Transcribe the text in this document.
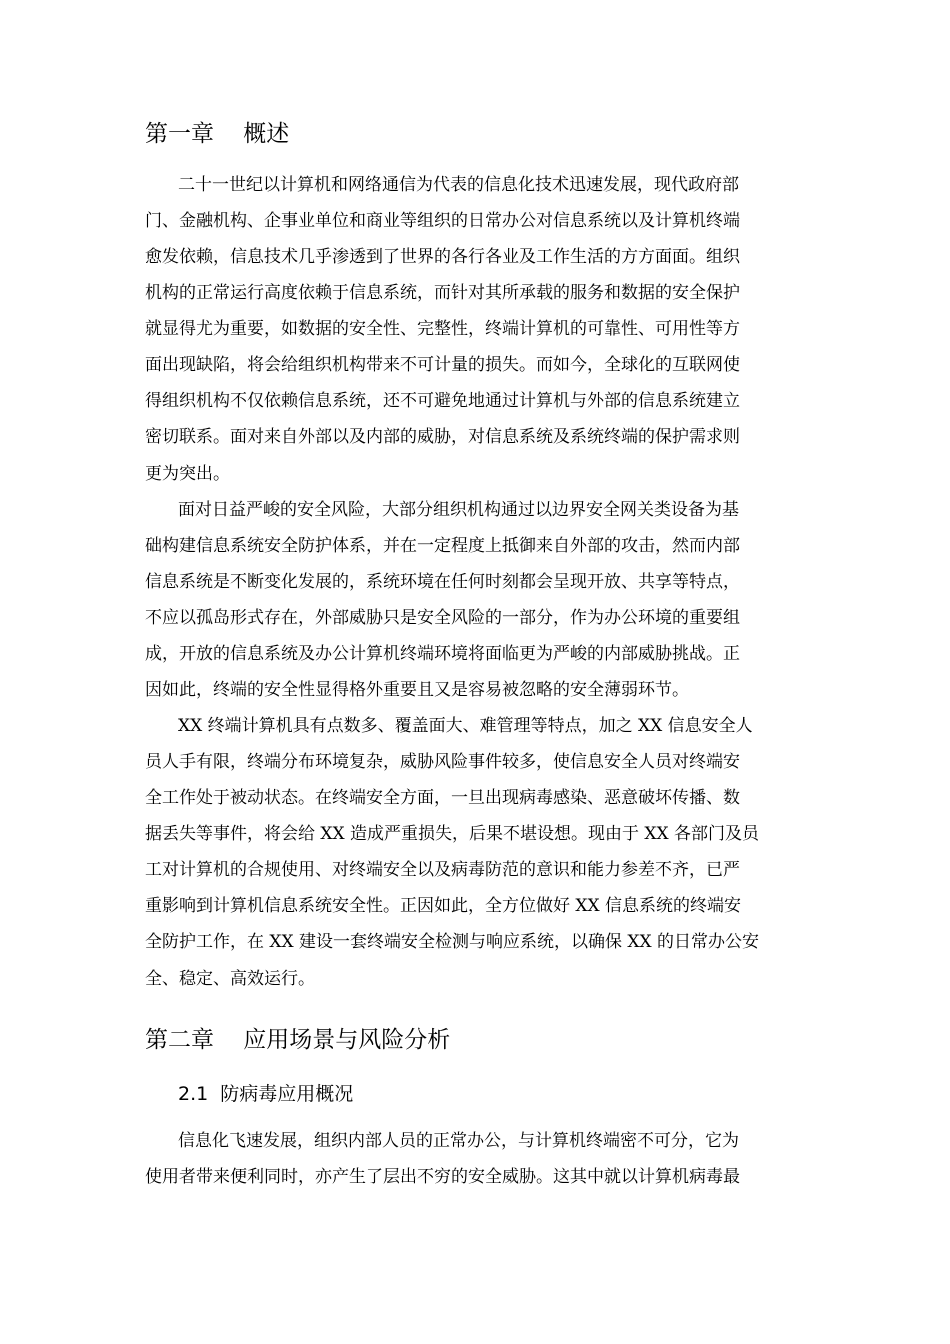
第一章    概述
二十一世纪以计算机和网络通信为代表的信息化技术迅速发展，现代政府部
门、金融机构、企事业单位和商业等组织的日常办公对信息系统以及计算机终端
愈发依赖，信息技术几乎渗透到了世界的各行各业及工作生活的方方面面。组织
机构的正常运行高度依赖于信息系统，而针对其所承载的服务和数据的安全保护
就显得尤为重要，如数据的安全性、完整性，终端计算机的可靠性、可用性等方
面出现缺陷，将会给组织机构带来不可计量的损失。而如今，全球化的互联网使
得组织机构不仅依赖信息系统，还不可避免地通过计算机与外部的信息系统建立
密切联系。面对来自外部以及内部的威胁，对信息系统及系统终端的保护需求则
更为突出。
面对日益严峻的安全风险，大部分组织机构通过以边界安全网关类设备为基
础构建信息系统安全防护体系，并在一定程度上抵御来自外部的攻击，然而内部
信息系统是不断变化发展的，系统环境在任何时刻都会呈现开放、共享等特点，
不应以孤岛形式存在，外部威胁只是安全风险的一部分，作为办公环境的重要组
成，开放的信息系统及办公计算机终端环境将面临更为严峻的内部威胁挑战。正
因如此，终端的安全性显得格外重要且又是容易被忽略的安全薄弱环节。
XX 终端计算机具有点数多、覆盖面大、难管理等特点，加之 XX 信息安全人
员人手有限，终端分布环境复杂，威胁风险事件较多，使信息安全人员对终端安
全工作处于被动状态。在终端安全方面，一旦出现病毒感染、恶意破坏传播、数
据丢失等事件，将会给 XX 造成严重损失，后果不堪设想。现由于 XX 各部门及员
工对计算机的合规使用、对终端安全以及病毒防范的意识和能力参差不齐，已严
重影响到计算机信息系统安全性。正因如此，全方位做好 XX 信息系统的终端安
全防护工作，在 XX 建设一套终端安全检测与响应系统，以确保 XX 的日常办公安
全、稳定、高效运行。
第二章    应用场景与风险分析
2.1  防病毒应用概况
信息化飞速发展，组织内部人员的正常办公，与计算机终端密不可分，它为
使用者带来便利同时，亦产生了层出不穷的安全威胁。这其中就以计算机病毒最
